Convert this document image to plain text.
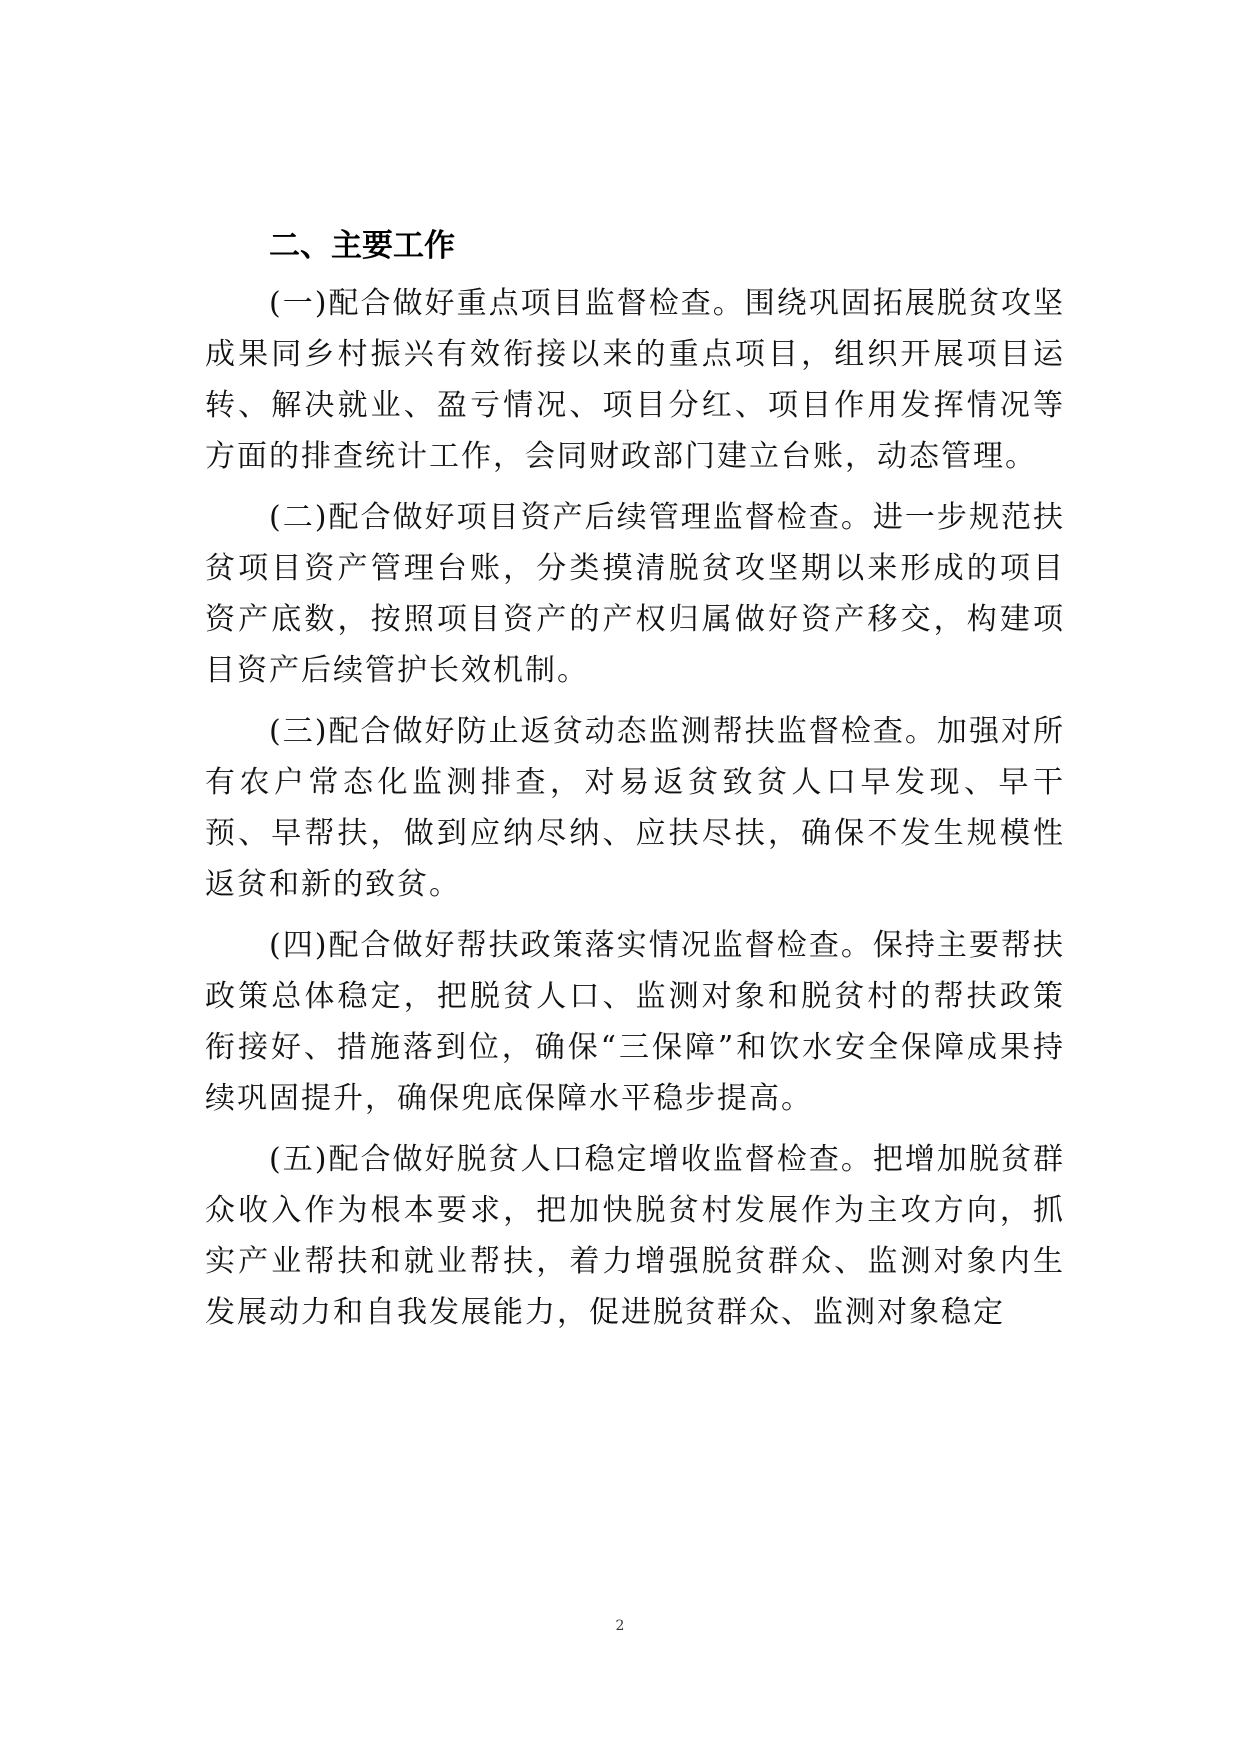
二、主要工作

(一)配合做好重点项目监督检查。围绕巩固拓展脱贫攻坚成果同乡村振兴有效衔接以来的重点项目，组织开展项目运转、解决就业、盈亏情况、项目分红、项目作用发挥情况等方面的排查统计工作，会同财政部门建立台账，动态管理。

(二)配合做好项目资产后续管理监督检查。进一步规范扶贫项目资产管理台账，分类摸清脱贫攻坚期以来形成的项目资产底数，按照项目资产的产权归属做好资产移交，构建项目资产后续管护长效机制。

(三)配合做好防止返贫动态监测帮扶监督检查。加强对所有农户常态化监测排查，对易返贫致贫人口早发现、早干预、早帮扶，做到应纳尽纳、应扶尽扶，确保不发生规模性返贫和新的致贫。

(四)配合做好帮扶政策落实情况监督检查。保持主要帮扶政策总体稳定，把脱贫人口、监测对象和脱贫村的帮扶政策衔接好、措施落到位，确保“三保障”和饮水安全保障成果持续巩固提升，确保兜底保障水平稳步提高。

(五)配合做好脱贫人口稳定增收监督检查。把增加脱贫群众收入作为根本要求，把加快脱贫村发展作为主攻方向，抓实产业帮扶和就业帮扶，着力增强脱贫群众、监测对象内生发展动力和自我发展能力，促进脱贫群众、监测对象稳定

2
